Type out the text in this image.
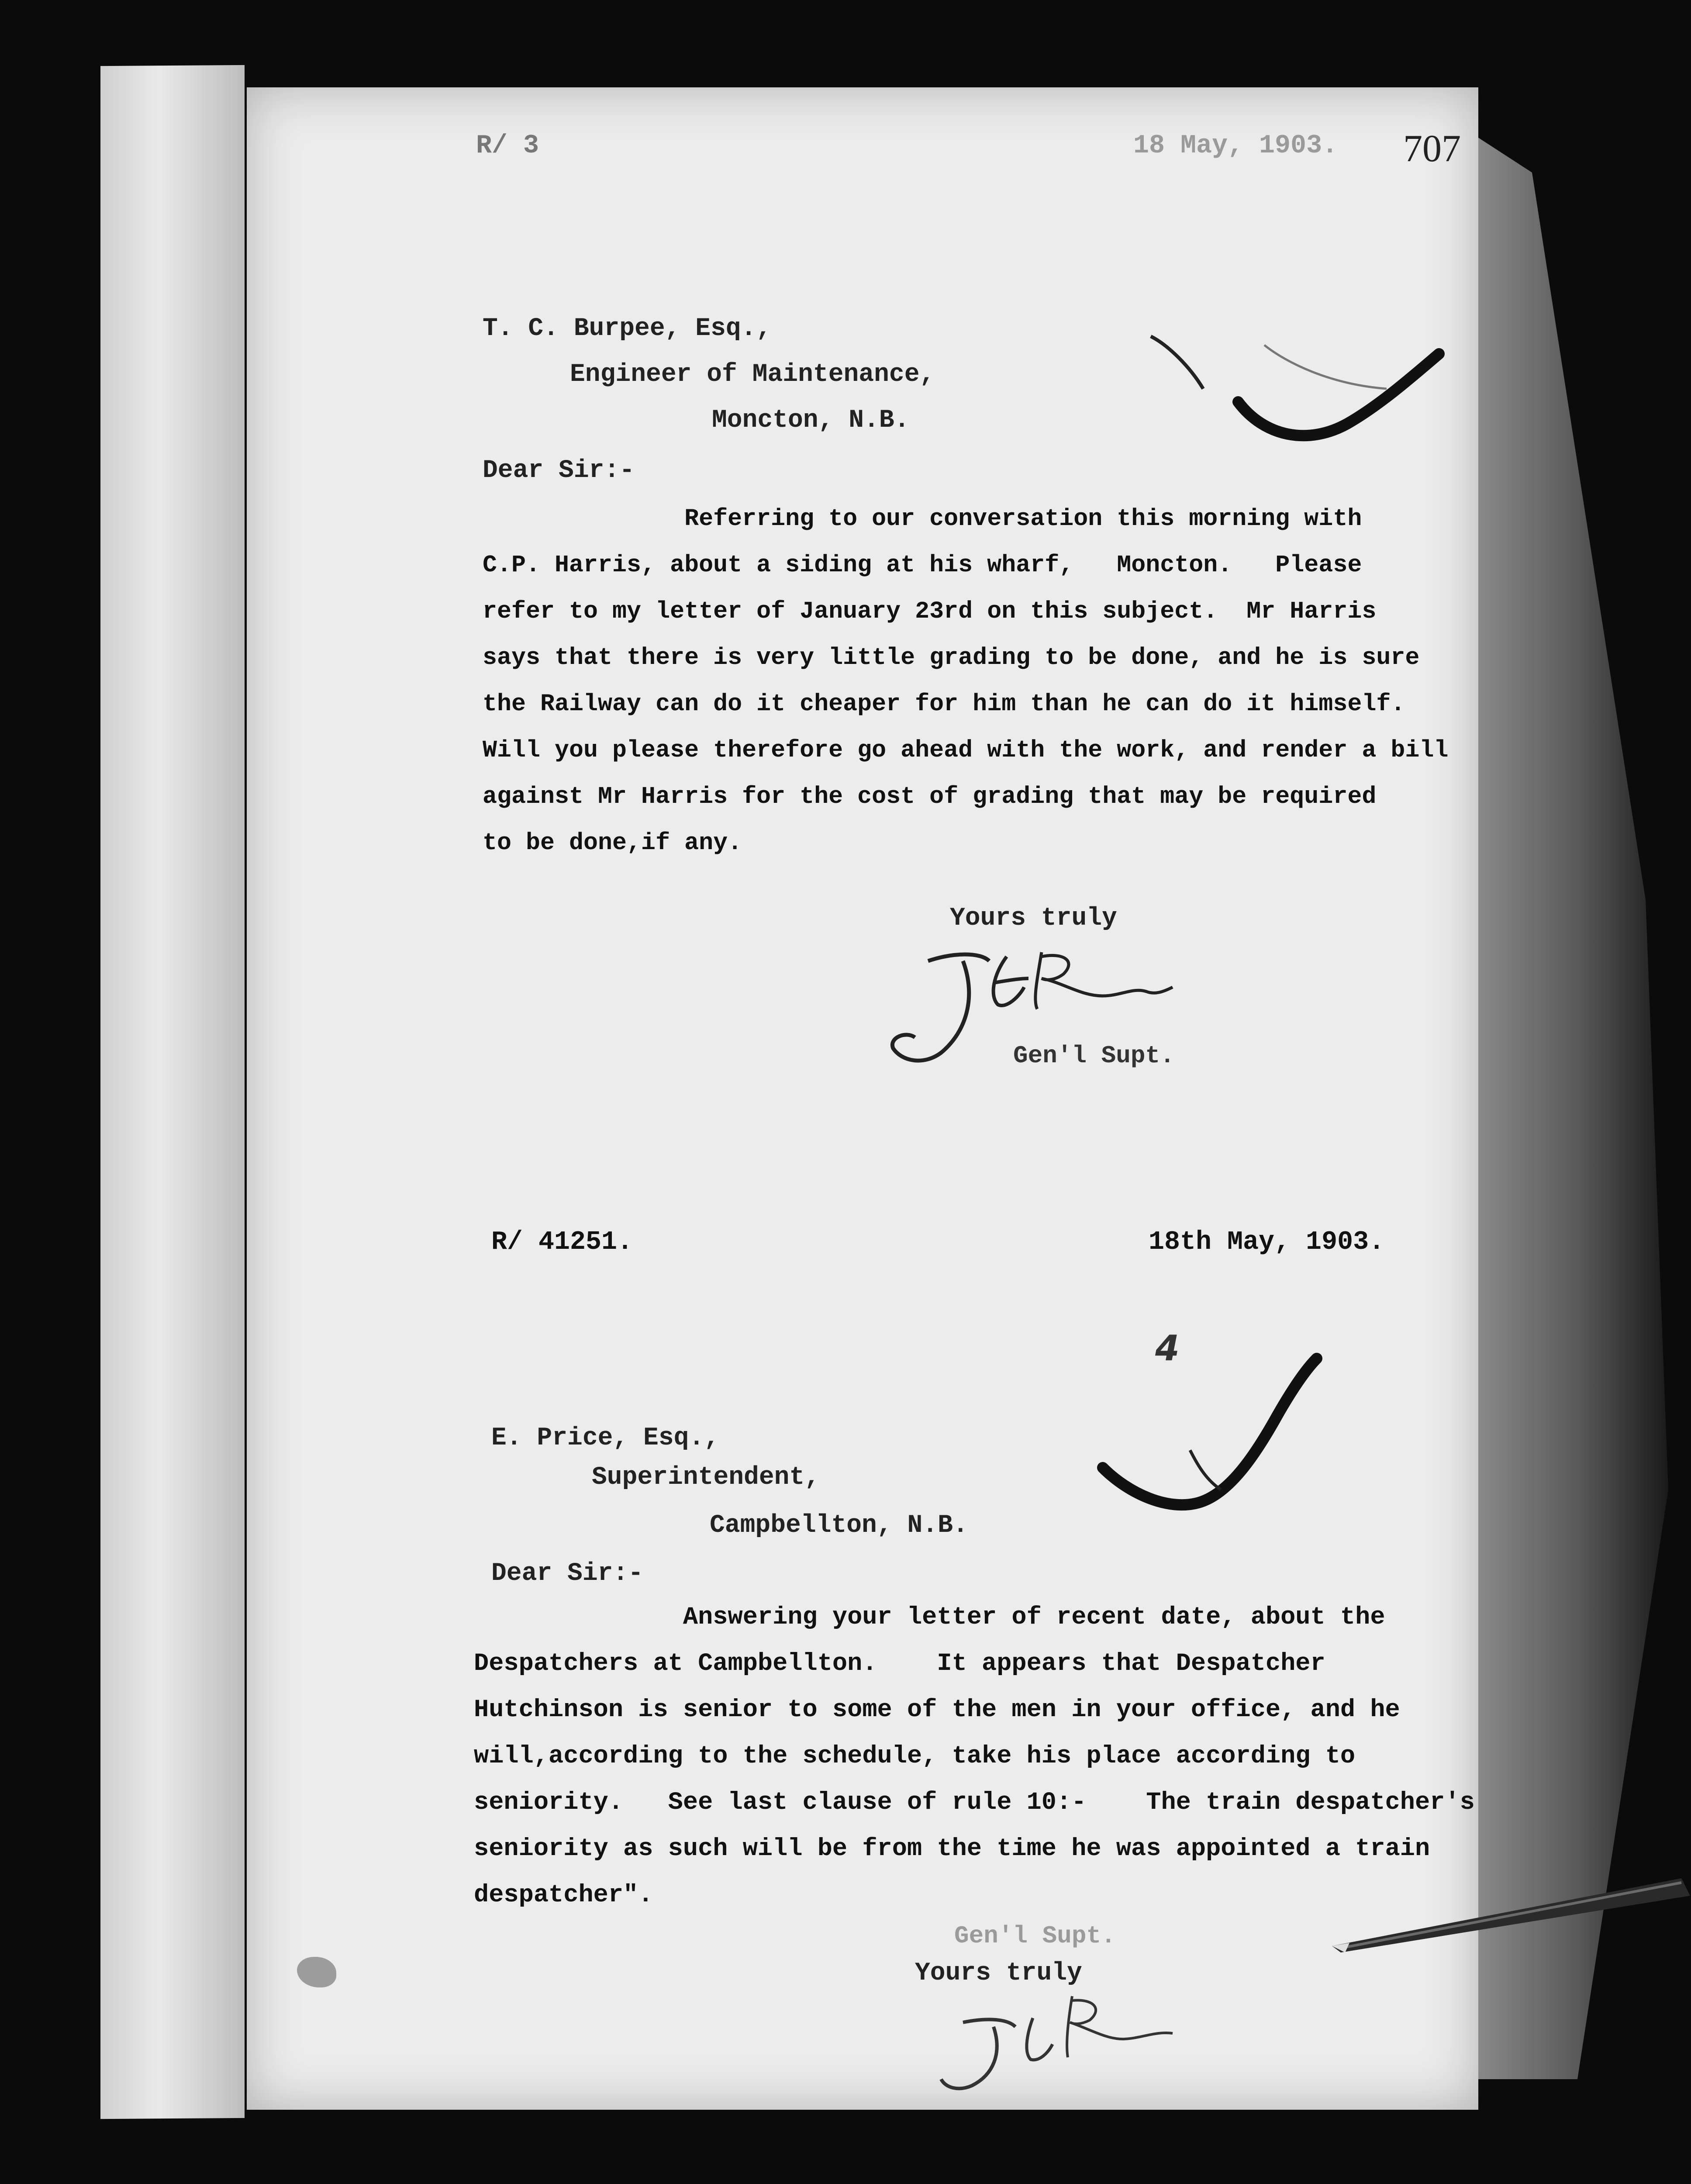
707
R/ 3	18 May, 1903.
T. C. Burpee, Esq.,
Engineer of Maintenance,
Moncton, N.B.
Dear Sir:-
Referring to our conversation this morning with
C.P. Harris, about a siding at his wharf,   Moncton.   Please
refer to my letter of January 23rd on this subject.  Mr Harris
says that there is very little grading to be done, and he is sure
the Railway can do it cheaper for him than he can do it himself.
Will you please therefore go ahead with the work, and render a bill
against Mr Harris for the cost of grading that may be required
to be done,if any.
Yours truly
Gen'l Supt.
R/ 41251.	18th May, 1903.
E. Price, Esq.,
Superintendent,
Campbellton, N.B.
Dear Sir:-
Answering your letter of recent date, about the
Despatchers at Campbellton.    It appears that Despatcher
Hutchinson is senior to some of the men in your office, and he
will,according to the schedule, take his place according to
seniority.   See last clause of rule 10:-    The train despatcher's
seniority as such will be from the time he was appointed a train
despatcher".
Gen'l Supt.
Yours truly
4
